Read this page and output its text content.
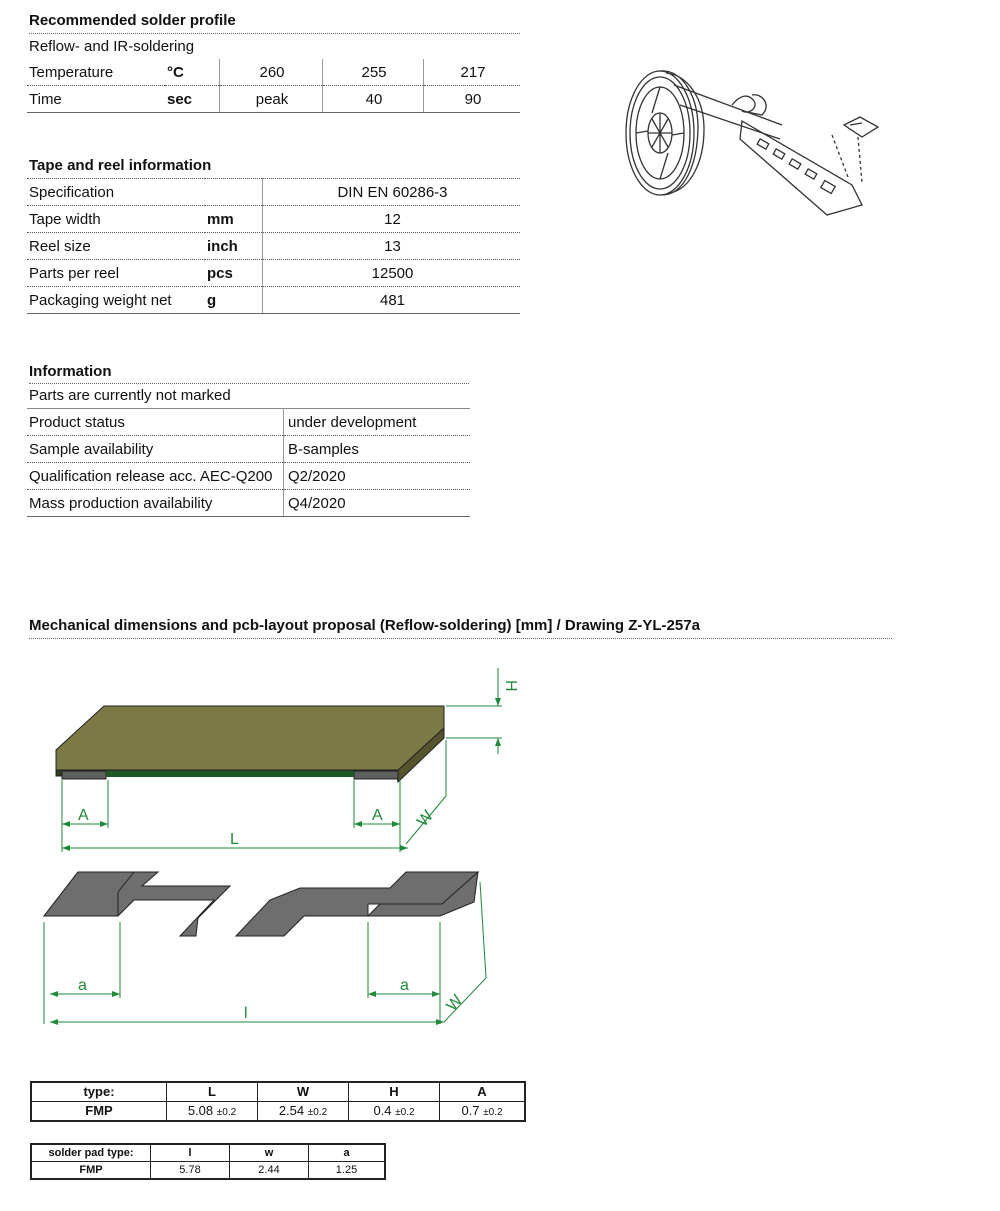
Recommended solder profile
Reflow- and IR-soldering
Temperature	°C	260	255	217
Time	sec	peak	40	90
Tape and reel information
Specification		DIN EN 60286-3
Tape width	mm	12
Reel size	inch	13
Parts per reel	pcs	12500
Packaging weight net	g	481
Information
Parts are currently not marked
Product status	under development
Sample availability	B-samples
Qualification release acc. AEC-Q200	Q2/2020
Mass production availability	Q4/2020
Mechanical dimensions and pcb-layout proposal (Reflow-soldering) [mm] / Drawing Z-YL-257a
H
A	A
L
W
a	a
l	W
type:	L	W	H	A
FMP	5.08 ±0.2	2.54 ±0.2	0.4 ±0.2	0.7 ±0.2
solder pad type:	l	w	a
FMP	5.78	2.44	1.25
